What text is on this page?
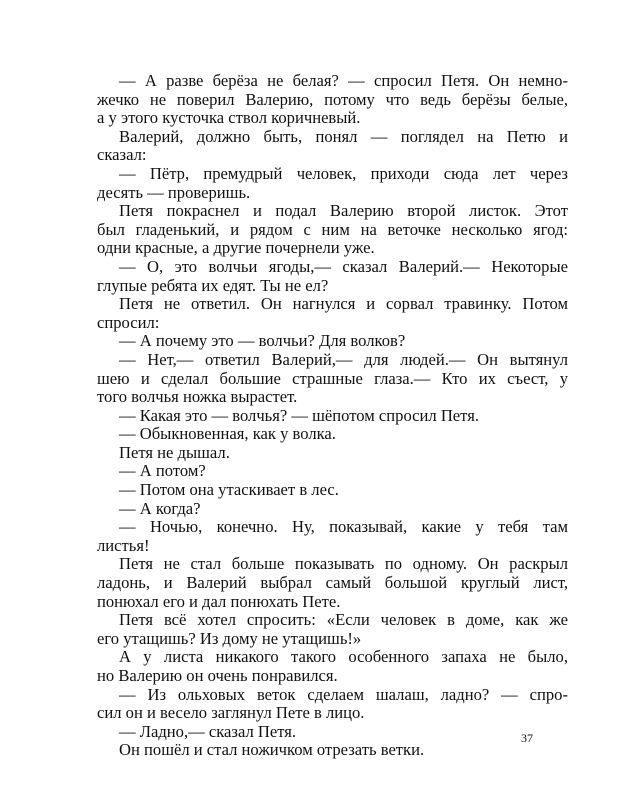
— А разве берёза не белая? — спросил Петя. Он немно-
жечко не поверил Валерию, потому что ведь берёзы белые,
а у этого кусточка ствол коричневый.
Валерий, должно быть, понял — поглядел на Петю и
сказал:
— Пётр, премудрый человек, приходи сюда лет через
десять — проверишь.
Петя покраснел и подал Валерию второй листок. Этот
был гладенький, и рядом с ним на веточке несколько ягод:
одни красные, а другие почернели уже.
— О, это волчьи ягоды,— сказал Валерий.— Некоторые
глупые ребята их едят. Ты не ел?
Петя не ответил. Он нагнулся и сорвал травинку. Потом
спросил:
— А почему это — волчьи? Для волков?
— Нет,— ответил Валерий,— для людей.— Он вытянул
шею и сделал большие страшные глаза.— Кто их съест, у
того волчья ножка вырастет.
— Какая это — волчья? — шёпотом спросил Петя.
— Обыкновенная, как у волка.
Петя не дышал.
— А потом?
— Потом она утаскивает в лес.
— А когда?
— Ночью, конечно. Ну, показывай, какие у тебя там
листья!
Петя не стал больше показывать по одному. Он раскрыл
ладонь, и Валерий выбрал самый большой круглый лист,
понюхал его и дал понюхать Пете.
Петя всё хотел спросить: «Если человек в доме, как же
его утащишь? Из дому не утащишь!»
А у листа никакого такого особенного запаха не было,
но Валерию он очень понравился.
— Из ольховых веток сделаем шалаш, ладно? — спро-
сил он и весело заглянул Пете в лицо.
— Ладно,— сказал Петя.
Он пошёл и стал ножичком отрезать ветки.
37
